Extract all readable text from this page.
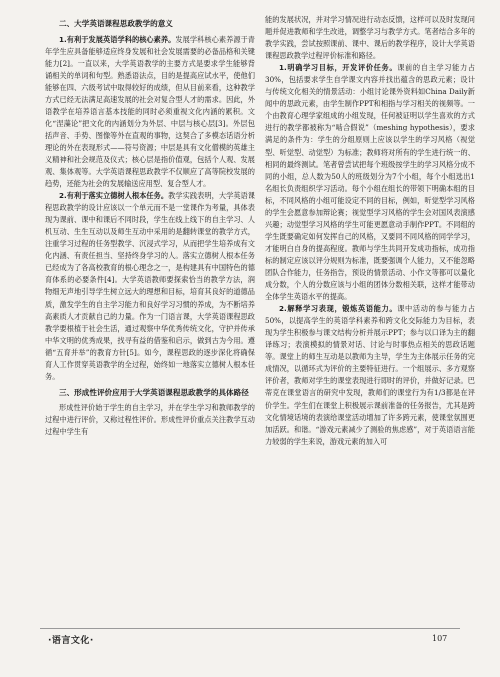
二、大学英语课程思政教学的意义

1.有利于发展英语学科的核心素养。发展学科核心素养源于青年学生应具备能够适应终身发展和社会发展需要的必备品格和关键能力[2]。一直以来，大学英语教学的主要方式是要求学生能够背诵相关的单词和句型。熟悉语法点，目的是提高应试水平，使他们能够在四、六级考试中取得较好的成绩，但从目前来看，这种教学方式已经无法满足高速发展的社会对复合型人才的需求。因此，外语教学在培养语言基本技能的同时必须重视文化内涵的累积。文化“涅藻论”把文化的内涵划分为外层、中层与核心层[3]。外层包括声音、手势、图像等外在直观的事物，这契合了多模态话语分析理论的外在表现形式——符号资源；中层是具有文化僧模的英雄主义精神和社会规范及仪式；核心层是指价值观，包括个人观、发展观、集体观等。大学英语课程思政教学不仅顺应了高等院校发展的趋势，还能为社会的发展输送应用型、复合型人才。

2.有利于落实立德树人根本任务。教学实践表明，大学英语课程思政教学的设计应该以一个单元而不是一堂课作为考量，具体表现为课前、课中和课后不同时段，学生在线上线下的自主学习、人机互动、生生互动以及师生互动中采用的是翻转课堂的教学方式，注重学习过程的任务型教学、沉浸式学习，从而把学生培养成有文化内涵、有责任担当、坚持终身学习的人。落实立德树人根本任务已经成为了各高校教育的根心理念之一，是构建具有中国特色的德育体系的必要条件[4]。大学英语教师要探索恰当的教学方法，润物细无声地引导学生树立远大的理想和目标，培育其良好的道德品质，激发学生的自主学习能力和良好学习习惯的养成，为不断培养高素质人才贡献自己的力量。作为一门语言课，大学英语课程思政教学要根植于社会生活，通过观察中华优秀传统文化，守护并传承中华文明的优秀成果，找寻有益的借鉴和启示，做到古为今用。遵循“五育并举”的教育方针[5]。如今，课程思政的逐步深化将确保育人工作贯穿英语教学的全过程，始终如一地落实立德树人根本任务。

三、形成性评价应用于大学英语课程思政教学的具体路径

形成性评价始于学生的自主学习，并在学生学习和教师教学的过程中进行评价，又称过程性评价。形成性评价重点关注教学互动过程中学生有

能的发展状况，并对学习情况进行动态反馈，这样可以及时发现问题并促进教师和学生改进，调整学习与教学方式。笔者结合多年的教学实践，尝试按照课前、课中、课后的教学程序，设计大学英语课程思政教学过程评价标准和路径。

1.明确学习目标，开发评价任务。课前的自主学习能力占30%，包括要求学生自学课文内容并找出蕴含的思政元素；设计与传统文化相关的情景活动：小组讨论课外资料如China Daily新闻中的思政元素，由学生制作PPT和相指与学习相关的视频等。一个由教育心理学家组成的小组发现，任何被证明以学生喜欢的方式进行的教学都被称为“啮合假说”（meshing hypothesis），要求满足的条件为：学生的分组原则上应该以学生的学习风格（视觉型、听觉型、动觉型）为标准；教师将对所有的学生进行统一的、相同的最终测试。笔者曾尝试把每个班级按学生的学习风格分成不同的小组，总人数为50人的班级划分为7个小组，每个小组选出1名组长负责组织学习活动。每个小组在组长的带领下明确本组的目标，不同风格的小组可能设定不同的目标，例如，听觉型学习风格的学生会愿意参加辩论赛；视觉型学习风格的学生会对国风表演感兴趣；动觉型学习风格的学生可能更愿意动手制作PPT。不同组的学生既要确定如何发挥自己的风格，又要同不同风格的同学学习，才能明白自身的提高程度。教师与学生共同开发成功指标，成功指标的制定应该以评分规则为标准，既要强调个人能力，又不能忽略团队合作能力，任务指告，预设的情景活动、小作文等都可以量化成分数，个人的分数应该与小组的团体分数相关联，这样才能带动全体学生英语水平的提高。

2.解释学习表现，锻炼英语能力。课中活动的参与能力占50%，以提高学生的英语学科素养和跨文化交际能力为目标，表现为学生积极参与课文结构分析并展示PPT；参与以口译为主的翻译练习；表演模拟的情景对话、讨论与时事热点相关的思政话题等。课堂上的师生互动是以教师为主导，学生为主体展示任务的完成情况，以循环式为评价的主要特征进行。一个组展示、多方观察评价者，教师对学生的课堂表现进行即时的评价，并做好记录。巴蒂克在课堂语言的研究中发现，教师们的课堂行为有1/3都是在评价学生。学生们在课堂上积极展示课前准备的任务报告，尤其是跨文化情境话境的表演给课堂活动增加了许多跨元素，使课堂氛围更加活跃。和谐。“游戏元素减少了测验的焦虑感”，对于英语语言能力较弱的学生来说，游戏元素的加入可

·语言文化·	107
